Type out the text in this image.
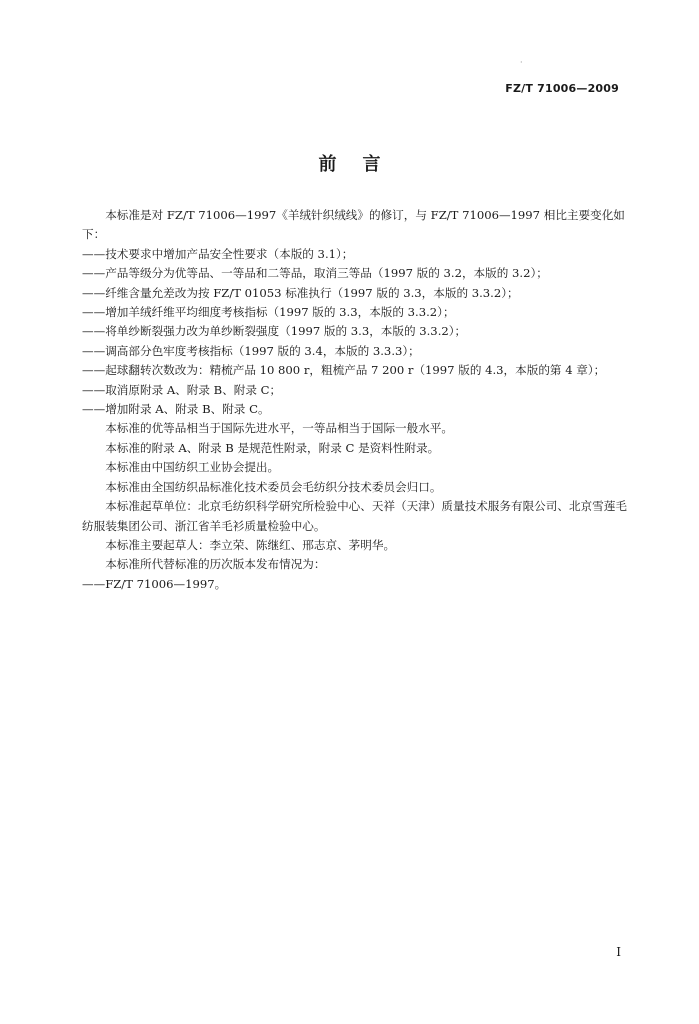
·
FZ/T 71006—2009
前言

本标准是对 FZ/T 71006—1997《羊绒针织绒线》的修订，与 FZ/T 71006—1997 相比主要变化如下：

——技术要求中增加产品安全性要求（本版的 3.1）；
——产品等级分为优等品、一等品和二等品，取消三等品（1997 版的 3.2，本版的 3.2）；
——纤维含量允差改为按 FZ/T 01053 标准执行（1997 版的 3.3，本版的 3.3.2）；
——增加羊绒纤维平均细度考核指标（1997 版的 3.3，本版的 3.3.2）；
——将单纱断裂强力改为单纱断裂强度（1997 版的 3.3，本版的 3.3.2）；
——调高部分色牢度考核指标（1997 版的 3.4，本版的 3.3.3）；
——起球翻转次数改为：精梳产品 10 800 r，粗梳产品 7 200 r（1997 版的 4.3，本版的第 4 章）；
——取消原附录 A、附录 B、附录 C；
——增加附录 A、附录 B、附录 C。

本标准的优等品相当于国际先进水平，一等品相当于国际一般水平。

本标准的附录 A、附录 B 是规范性附录，附录 C 是资料性附录。

本标准由中国纺织工业协会提出。

本标准由全国纺织品标准化技术委员会毛纺织分技术委员会归口。

本标准起草单位：北京毛纺织科学研究所检验中心、天祥（天津）质量技术服务有限公司、北京雪莲毛纺服装集团公司、浙江省羊毛衫质量检验中心。

本标准主要起草人：李立荣、陈继红、邢志京、茅明华。

本标准所代替标准的历次版本发布情况为：

——FZ/T 71006—1997。
I
